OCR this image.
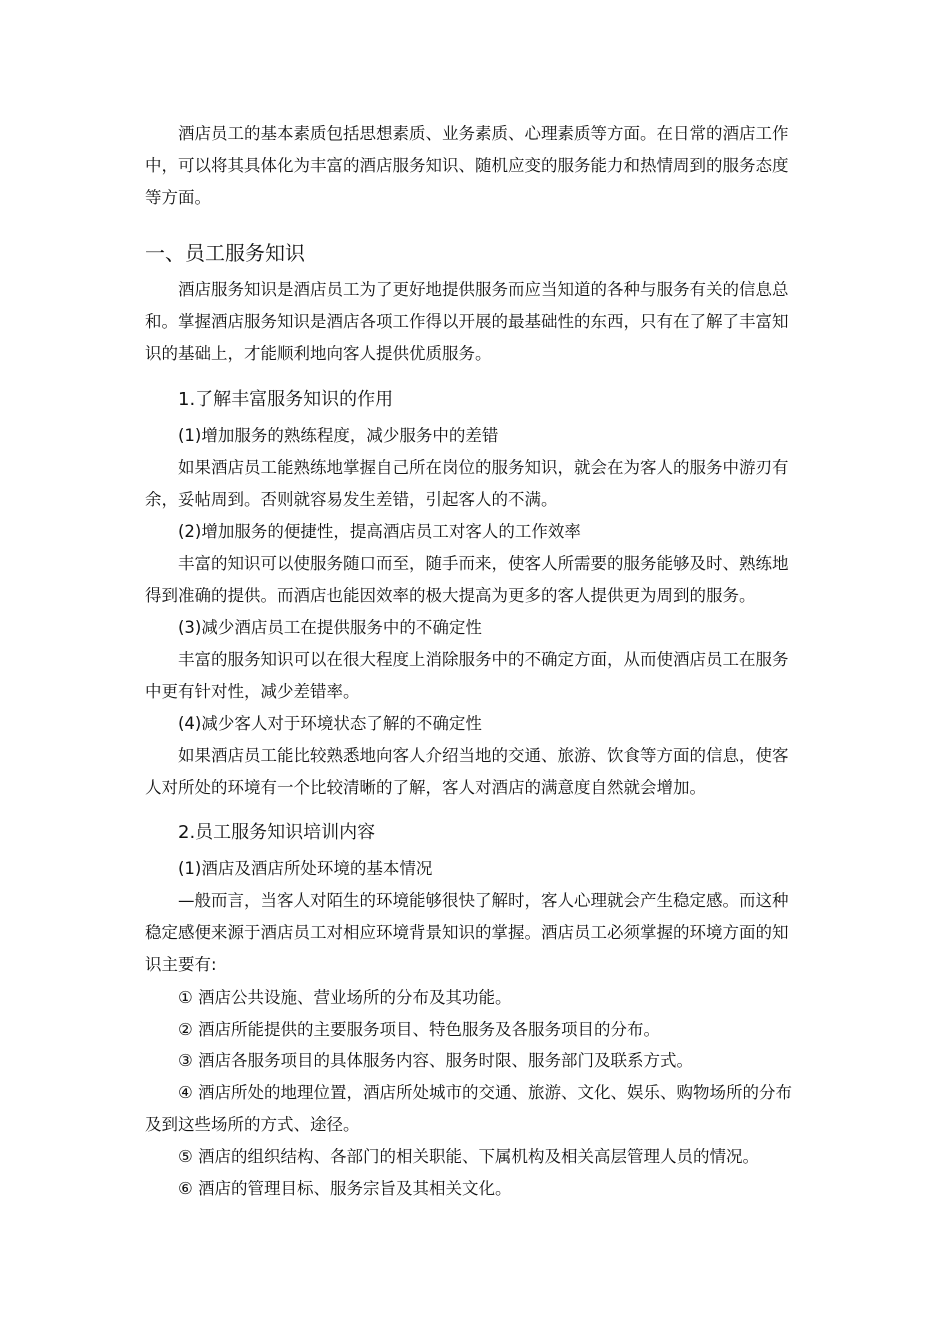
酒店员工的基本素质包括思想素质、业务素质、心理素质等方面。在日常的酒店工作
中，可以将其具体化为丰富的酒店服务知识、随机应变的服务能力和热情周到的服务态度
等方面。
一、员工服务知识
酒店服务知识是酒店员工为了更好地提供服务而应当知道的各种与服务有关的信息总
和。掌握酒店服务知识是酒店各项工作得以开展的最基础性的东西，只有在了解了丰富知
识的基础上，才能顺利地向客人提供优质服务。
1.了解丰富服务知识的作用
(1)增加服务的熟练程度，减少服务中的差错
如果酒店员工能熟练地掌握自己所在岗位的服务知识，就会在为客人的服务中游刃有
余，妥帖周到。否则就容易发生差错，引起客人的不满。
(2)增加服务的便捷性，提高酒店员工对客人的工作效率
丰富的知识可以使服务随口而至，随手而来，使客人所需要的服务能够及时、熟练地
得到准确的提供。而酒店也能因效率的极大提高为更多的客人提供更为周到的服务。
(3)减少酒店员工在提供服务中的不确定性
丰富的服务知识可以在很大程度上消除服务中的不确定方面，从而使酒店员工在服务
中更有针对性，减少差错率。
(4)减少客人对于环境状态了解的不确定性
如果酒店员工能比较熟悉地向客人介绍当地的交通、旅游、饮食等方面的信息，使客
人对所处的环境有一个比较清晰的了解，客人对酒店的满意度自然就会增加。
2.员工服务知识培训内容
(1)酒店及酒店所处环境的基本情况
—般而言，当客人对陌生的环境能够很快了解时，客人心理就会产生稳定感。而这种
稳定感便来源于酒店员工对相应环境背景知识的掌握。酒店员工必须掌握的环境方面的知
识主要有:
① 酒店公共设施、营业场所的分布及其功能。
② 酒店所能提供的主要服务项目、特色服务及各服务项目的分布。
③ 酒店各服务项目的具体服务内容、服务时限、服务部门及联系方式。
④ 酒店所处的地理位置，酒店所处城市的交通、旅游、文化、娱乐、购物场所的分布
及到这些场所的方式、途径。
⑤ 酒店的组织结构、各部门的相关职能、下属机构及相关高层管理人员的情况。
⑥ 酒店的管理目标、服务宗旨及其相关文化。
